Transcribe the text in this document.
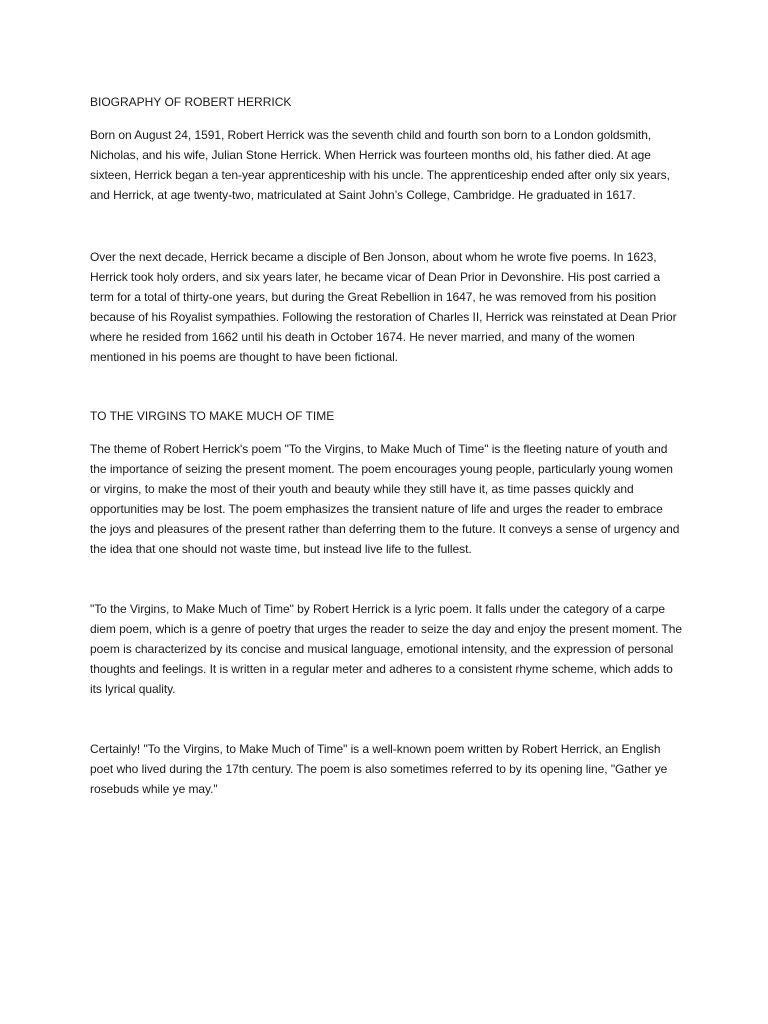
BIOGRAPHY OF ROBERT HERRICK

Born on August 24, 1591, Robert Herrick was the seventh child and fourth son born to a London goldsmith, Nicholas, and his wife, Julian Stone Herrick. When Herrick was fourteen months old, his father died. At age sixteen, Herrick began a ten-year apprenticeship with his uncle. The apprenticeship ended after only six years, and Herrick, at age twenty-two, matriculated at Saint John’s College, Cambridge. He graduated in 1617.

Over the next decade, Herrick became a disciple of Ben Jonson, about whom he wrote five poems. In 1623, Herrick took holy orders, and six years later, he became vicar of Dean Prior in Devonshire. His post carried a term for a total of thirty-one years, but during the Great Rebellion in 1647, he was removed from his position because of his Royalist sympathies. Following the restoration of Charles II, Herrick was reinstated at Dean Prior where he resided from 1662 until his death in October 1674. He never married, and many of the women mentioned in his poems are thought to have been fictional.

TO THE VIRGINS TO MAKE MUCH OF TIME

The theme of Robert Herrick's poem "To the Virgins, to Make Much of Time" is the fleeting nature of youth and the importance of seizing the present moment. The poem encourages young people, particularly young women or virgins, to make the most of their youth and beauty while they still have it, as time passes quickly and opportunities may be lost. The poem emphasizes the transient nature of life and urges the reader to embrace the joys and pleasures of the present rather than deferring them to the future. It conveys a sense of urgency and the idea that one should not waste time, but instead live life to the fullest.

"To the Virgins, to Make Much of Time" by Robert Herrick is a lyric poem. It falls under the category of a carpe diem poem, which is a genre of poetry that urges the reader to seize the day and enjoy the present moment. The poem is characterized by its concise and musical language, emotional intensity, and the expression of personal thoughts and feelings. It is written in a regular meter and adheres to a consistent rhyme scheme, which adds to its lyrical quality.

Certainly! "To the Virgins, to Make Much of Time" is a well-known poem written by Robert Herrick, an English poet who lived during the 17th century. The poem is also sometimes referred to by its opening line, "Gather ye rosebuds while ye may."
